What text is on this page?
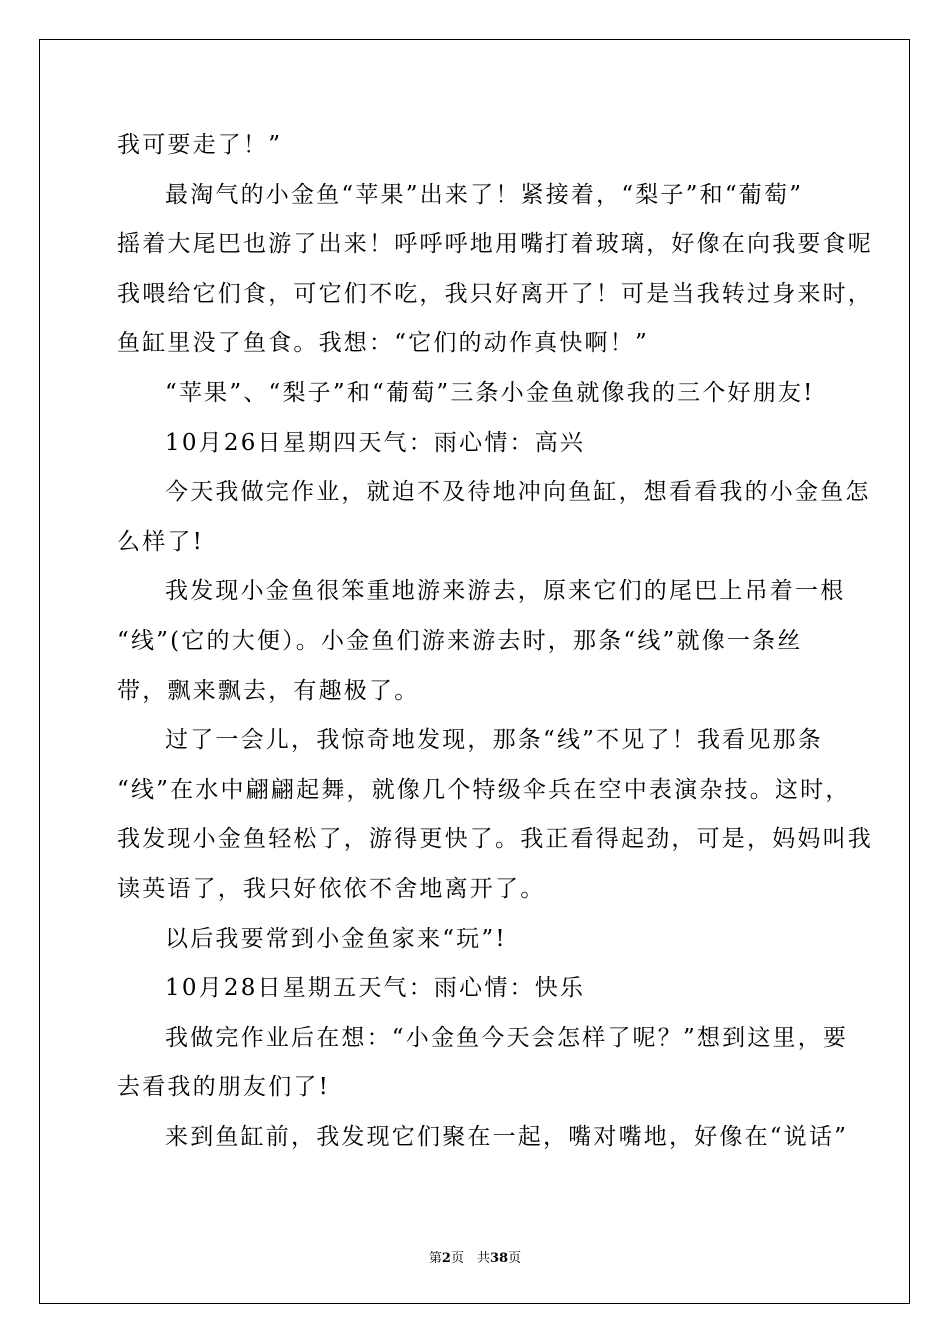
我可要走了！”
最淘气的小金鱼“苹果”出来了！紧接着，“梨子”和“葡萄”
摇着大尾巴也游了出来！呼呼呼地用嘴打着玻璃，好像在向我要食呢
我喂给它们食，可它们不吃，我只好离开了！可是当我转过身来时，
鱼缸里没了鱼食。我想：“它们的动作真快啊！”
“苹果”、“梨子”和“葡萄”三条小金鱼就像我的三个好朋友!
10月26日星期四天气：雨心情：高兴
今天我做完作业，就迫不及待地冲向鱼缸，想看看我的小金鱼怎
么样了!
我发现小金鱼很笨重地游来游去，原来它们的尾巴上吊着一根
“线”(它的大便）。小金鱼们游来游去时，那条“线”就像一条丝
带，飘来飘去，有趣极了。
过了一会儿，我惊奇地发现，那条“线”不见了！我看见那条
“线”在水中翩翩起舞，就像几个特级伞兵在空中表演杂技。这时，
我发现小金鱼轻松了，游得更快了。我正看得起劲，可是，妈妈叫我
读英语了，我只好依依不舍地离开了。
以后我要常到小金鱼家来“玩”!
10月28日星期五天气：雨心情：快乐
我做完作业后在想：“小金鱼今天会怎样了呢？”想到这里，要
去看我的朋友们了!
来到鱼缸前，我发现它们聚在一起，嘴对嘴地，好像在“说话”
第2页　共38页
